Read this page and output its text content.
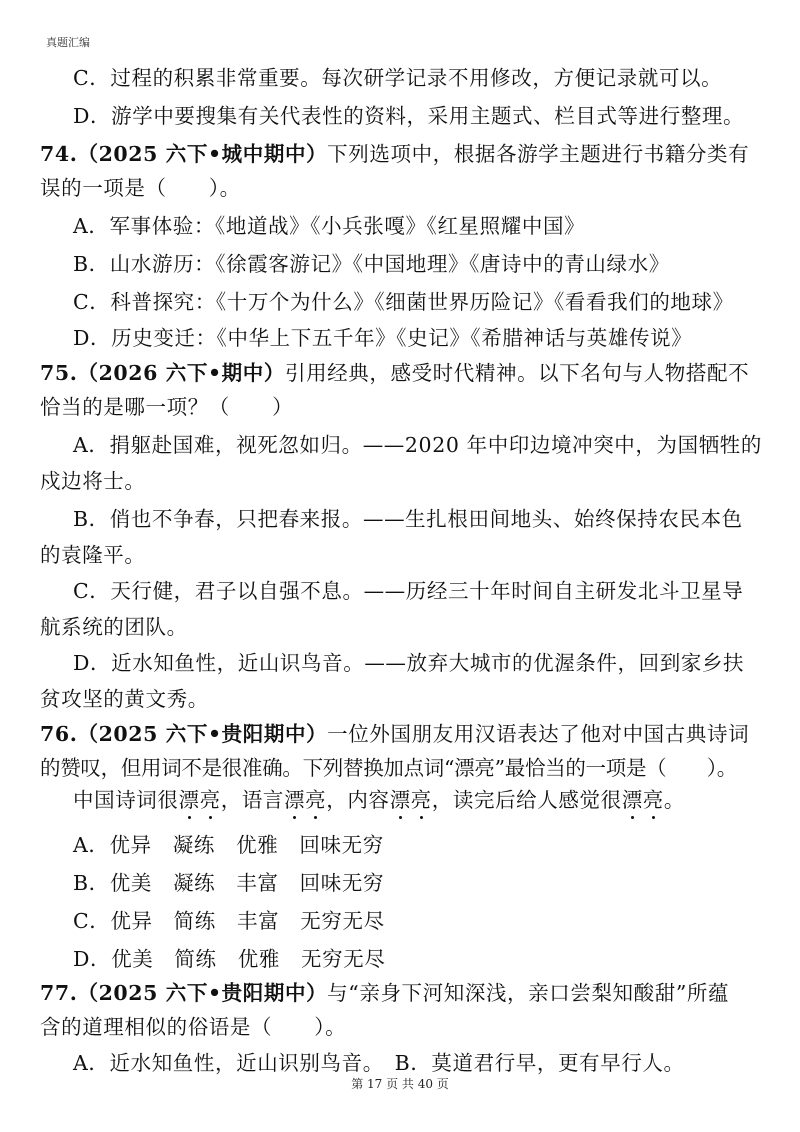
真题汇编
C．过程的积累非常重要。每次研学记录不用修改，方便记录就可以。
D．游学中要搜集有关代表性的资料，采用主题式、栏目式等进行整理。
74.（2025 六下•城中期中）下列选项中，根据各游学主题进行书籍分类有
误的一项是（　　）。
A．军事体验：《地道战》《小兵张嘎》《红星照耀中国》
B．山水游历：《徐霞客游记》《中国地理》《唐诗中的青山绿水》
C．科普探究：《十万个为什么》《细菌世界历险记》《看看我们的地球》
D．历史变迁：《中华上下五千年》《史记》《希腊神话与英雄传说》
75.（2026 六下•期中）引用经典，感受时代精神。以下名句与人物搭配不
恰当的是哪一项？（　　）
A．捐躯赴国难，视死忽如归。——2020 年中印边境冲突中，为国牺牲的
戍边将士。
B．俏也不争春，只把春来报。——生扎根田间地头、始终保持农民本色
的袁隆平。
C．天行健，君子以自强不息。——历经三十年时间自主研发北斗卫星导
航系统的团队。
D．近水知鱼性，近山识鸟音。——放弃大城市的优渥条件，回到家乡扶
贫攻坚的黄文秀。
76.（2025 六下•贵阳期中）一位外国朋友用汉语表达了他对中国古典诗词
的赞叹，但用词不是很准确。下列替换加点词“漂亮”最恰当的一项是（　　）。
中国诗词很漂亮，语言漂亮，内容漂亮，读完后给人感觉很漂亮。
A．优异　凝练　优雅　回味无穷
B．优美　凝练　丰富　回味无穷
C．优异　简练　丰富　无穷无尽
D．优美　简练　优雅　无穷无尽
77.（2025 六下•贵阳期中）与“亲身下河知深浅，亲口尝梨知酸甜”所蕴
含的道理相似的俗语是（　　）。
A．近水知鱼性，近山识别鸟音。　B．莫道君行早，更有早行人。
第 17 页 共 40 页
